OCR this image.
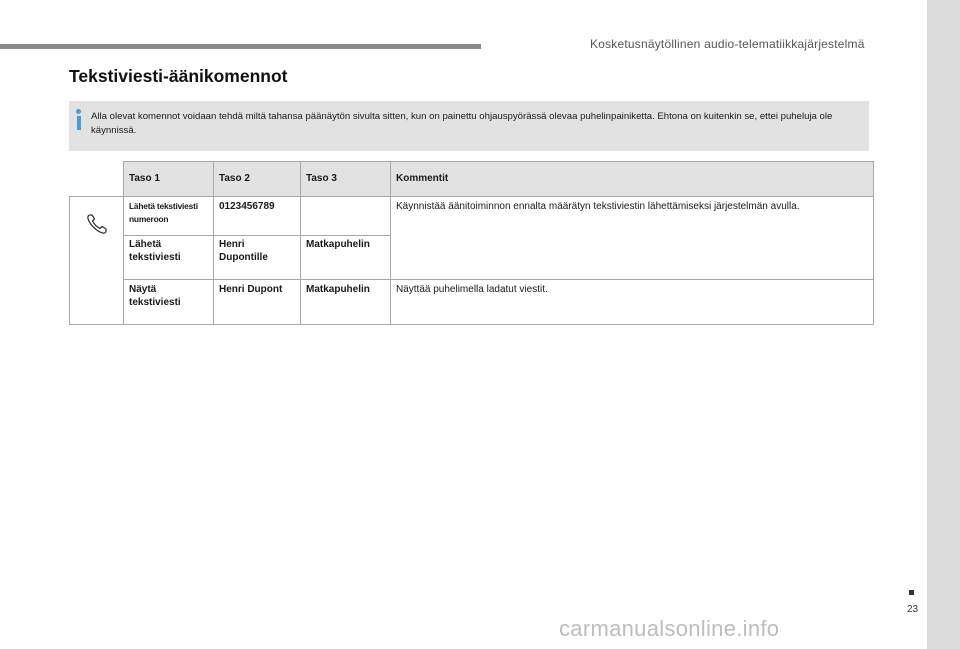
Kosketusnäytöllinen audio-telematiikkajärjestelmä
Tekstiviesti-äänikomennot
Alla olevat komennot voidaan tehdä miltä tahansa päänäytön sivulta sitten, kun on painettu ohjauspyörässä olevaa puhelinpainiketta. Ehtona on kuitenkin se, ettei puheluja ole käynnissä.
	Taso 1	Taso 2	Taso 3	Kommentit

	Lähetä tekstiviesti numeroon	0123456789		Käynnistää äänitoiminnon ennalta määrätyn tekstiviestin lähettämiseksi järjestelmän avulla.
	Lähetä tekstiviesti	Henri Dupontille	Matkapuhelin	
	Näytä tekstiviesti	Henri Dupont	Matkapuhelin	Näyttää puhelimella ladatut viestit.
23
carmanualsonline.info
